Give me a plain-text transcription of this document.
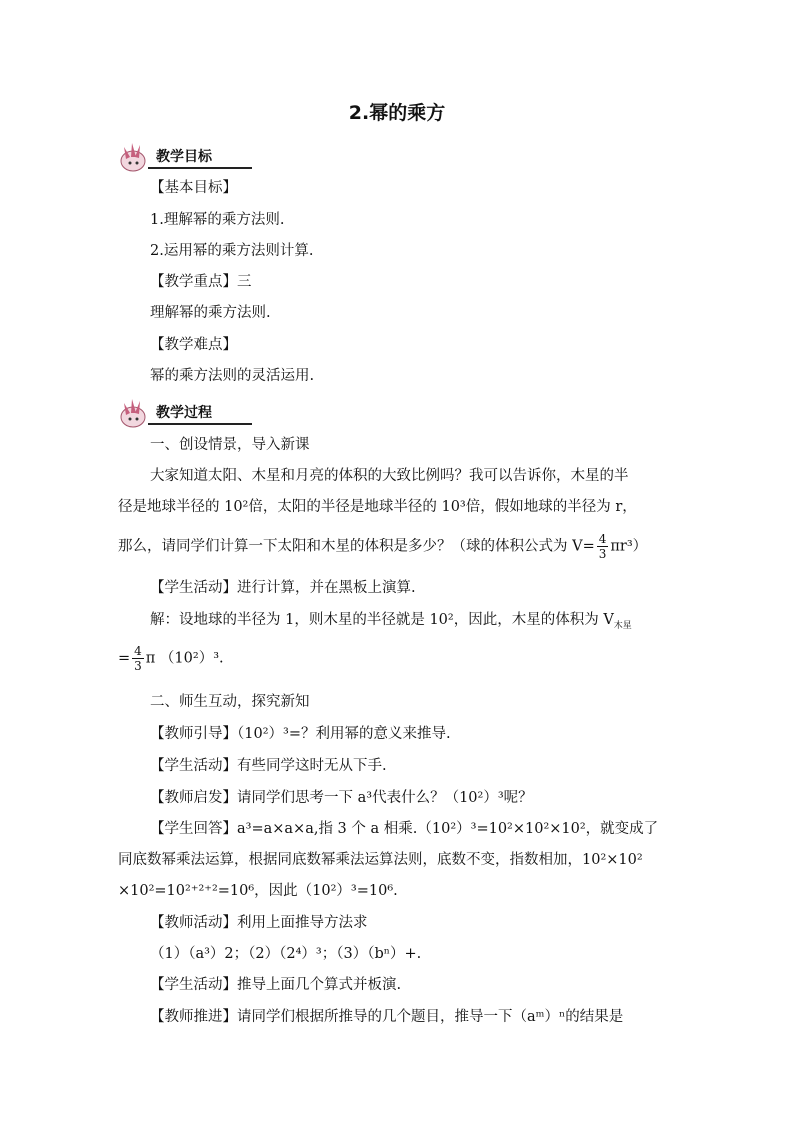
2.幂的乘方
教学目标
【基本目标】
1.理解幂的乘方法则.
2.运用幂的乘方法则计算.
【教学重点】三
理解幂的乘方法则.
【教学难点】
幂的乘方法则的灵活运用.
教学过程
一、创设情景，导入新课
大家知道太阳、木星和月亮的体积的大致比例吗？我可以告诉你，木星的半
径是地球半径的 10²倍，太阳的半径是地球半径的 10³倍，假如地球的半径为 r，
那么，请同学们计算一下太阳和木星的体积是多少？（球的体积公式为 $V= \frac{4}{3} \pi r^3$）
【学生活动】进行计算，并在黑板上演算.
解：设地球的半径为 1，则木星的半径就是 10²，因此，木星的体积为 $V_{木星}$
= $\frac{4}{3}$ π （10²）³.
二、师生互动，探究新知
【教师引导】（10²）³=？利用幂的意义来推导.
【学生活动】有些同学这时无从下手.
【教师启发】请同学们思考一下 a³代表什么？（10²）³呢？
【学生回答】a³=a×a×a,指 3 个 a 相乘.（10²）³=10²×10²×10²，就变成了
同底数幂乘法运算，根据同底数幂乘法运算法则，底数不变，指数相加，10²×10²
×10²=10²⁺²⁺²=10⁶，因此（10²）³=10⁶.
【教师活动】利用上面推导方法求
（1）（a³）2；（2）（2⁴）³；（3）（bⁿ）+.
【学生活动】推导上面几个算式并板演.
【教师推进】请同学们根据所推导的几个题目，推导一下（aᵐ）ⁿ的结果是
